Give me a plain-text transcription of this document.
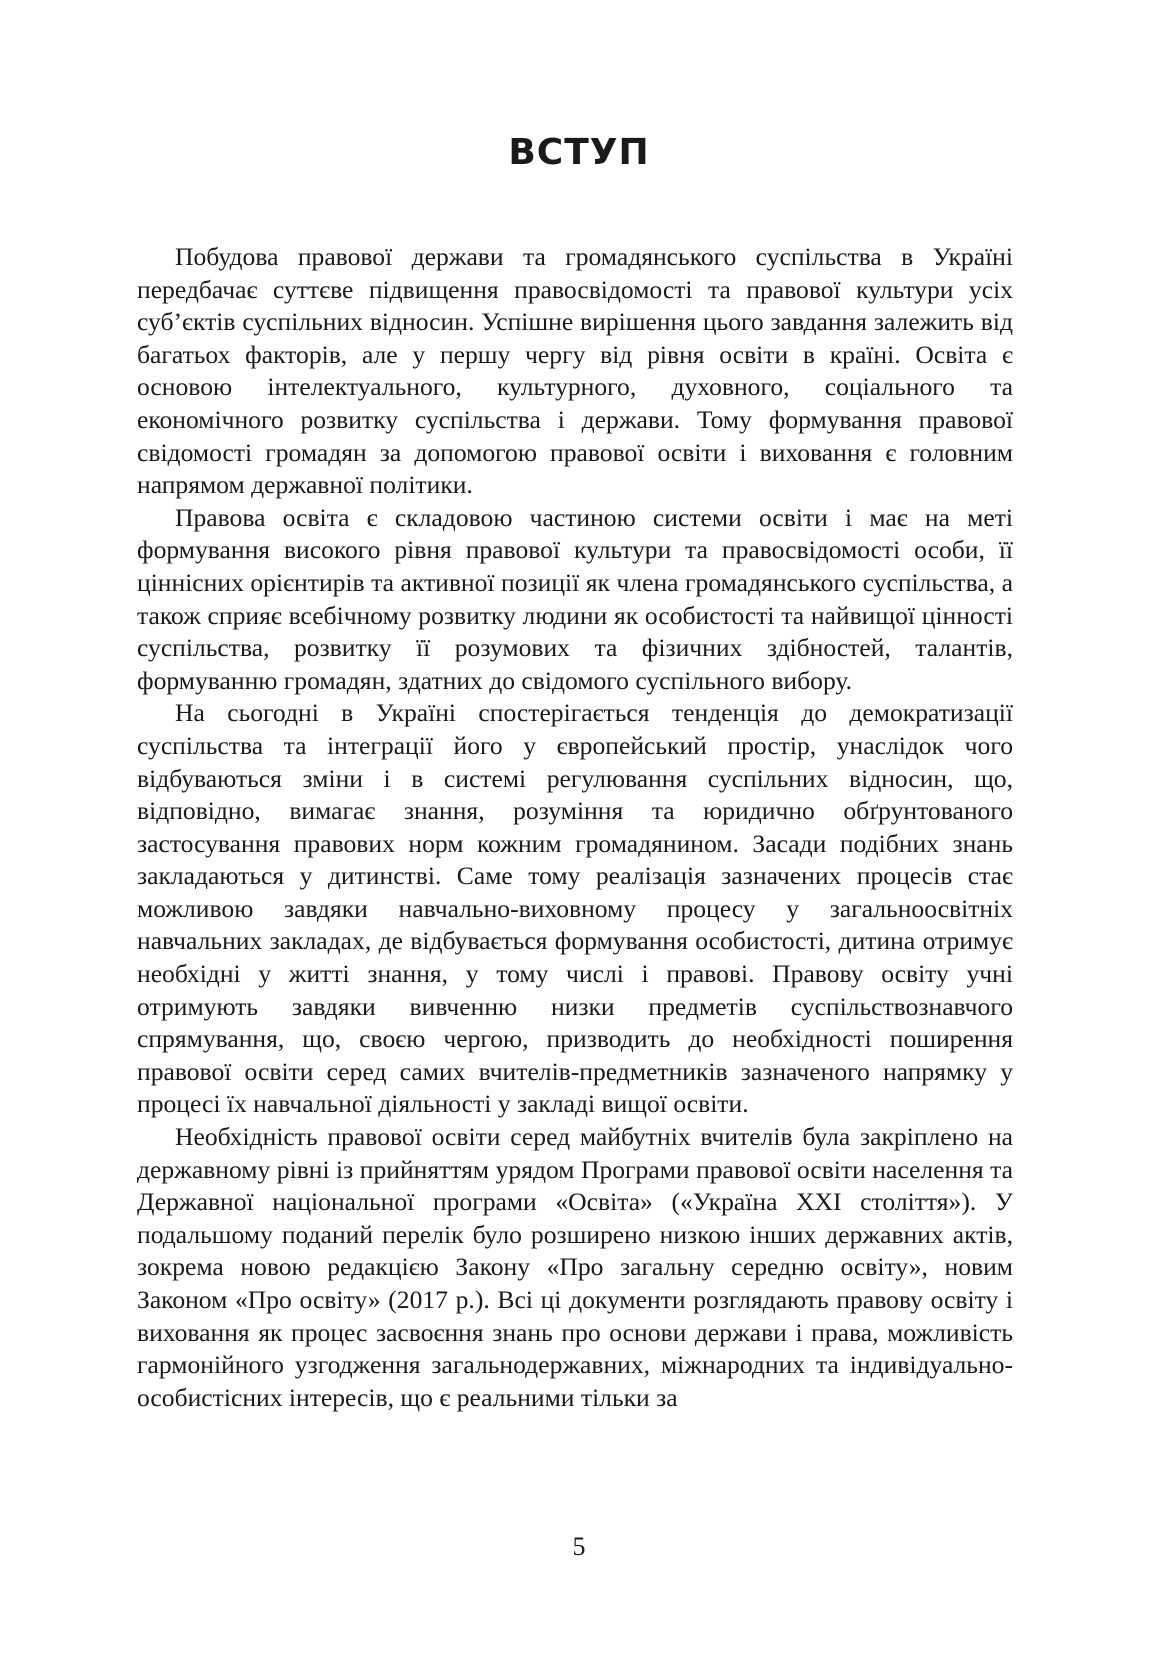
ВСТУП

Побудова правової держави та громадянського суспільства в Україні передбачає суттєве підвищення правосвідомості та правової культури усіх суб’єктів суспільних відносин. Успішне вирішення цього завдання залежить від багатьох факторів, але у першу чергу від рівня освіти в країні. Освіта є основою інтелектуального, культурного, духовного, соціального та економічного розвитку суспільства і держави. Тому формування правової свідомості громадян за допомогою правової освіти і виховання є головним напрямом державної політики.

Правова освіта є складовою частиною системи освіти і має на меті формування високого рівня правової культури та правосвідомості особи, її ціннісних орієнтирів та активної позиції як члена громадянського суспільства, а також сприяє всебічному розвитку людини як особистості та найвищої цінності суспільства, розвитку її розумових та фізичних здібностей, талантів, формуванню громадян, здатних до свідомого суспільного вибору.

На сьогодні в Україні спостерігається тенденція до демократизації суспільства та інтеграції його у європейський простір, унаслідок чого відбуваються зміни і в системі регулювання суспільних відносин, що, відповідно, вимагає знання, розуміння та юридично обґрунтованого застосування правових норм кожним громадянином. Засади подібних знань закладаються у дитинстві. Саме тому реалізація зазначених процесів стає можливою завдяки навчально-виховному процесу у загальноосвітніх навчальних закладах, де відбувається формування особистості, дитина отримує необхідні у житті знання, у тому числі і правові. Правову освіту учні отримують завдяки вивченню низки предметів суспільствознавчого спрямування, що, своєю чергою, призводить до необхідності поширення правової освіти серед самих вчителів-предметників зазначеного напрямку у процесі їх навчальної діяльності у закладі вищої освіти.

Необхідність правової освіти серед майбутніх вчителів була закріплено на державному рівні із прийняттям урядом Програми правової освіти населення та Державної національної програми «Освіта» («Україна XXI століття»). У подальшому поданий перелік було розширено низкою інших державних актів, зокрема новою редакцією Закону «Про загальну середню освіту», новим Законом «Про освіту» (2017 р.). Всі ці документи розглядають правову освіту і виховання як процес засвоєння знань про основи держави і права, можливість гармонійного узгодження загальнодержавних, міжнародних та індивідуально-особистісних інтересів, що є реальними тільки за

5
